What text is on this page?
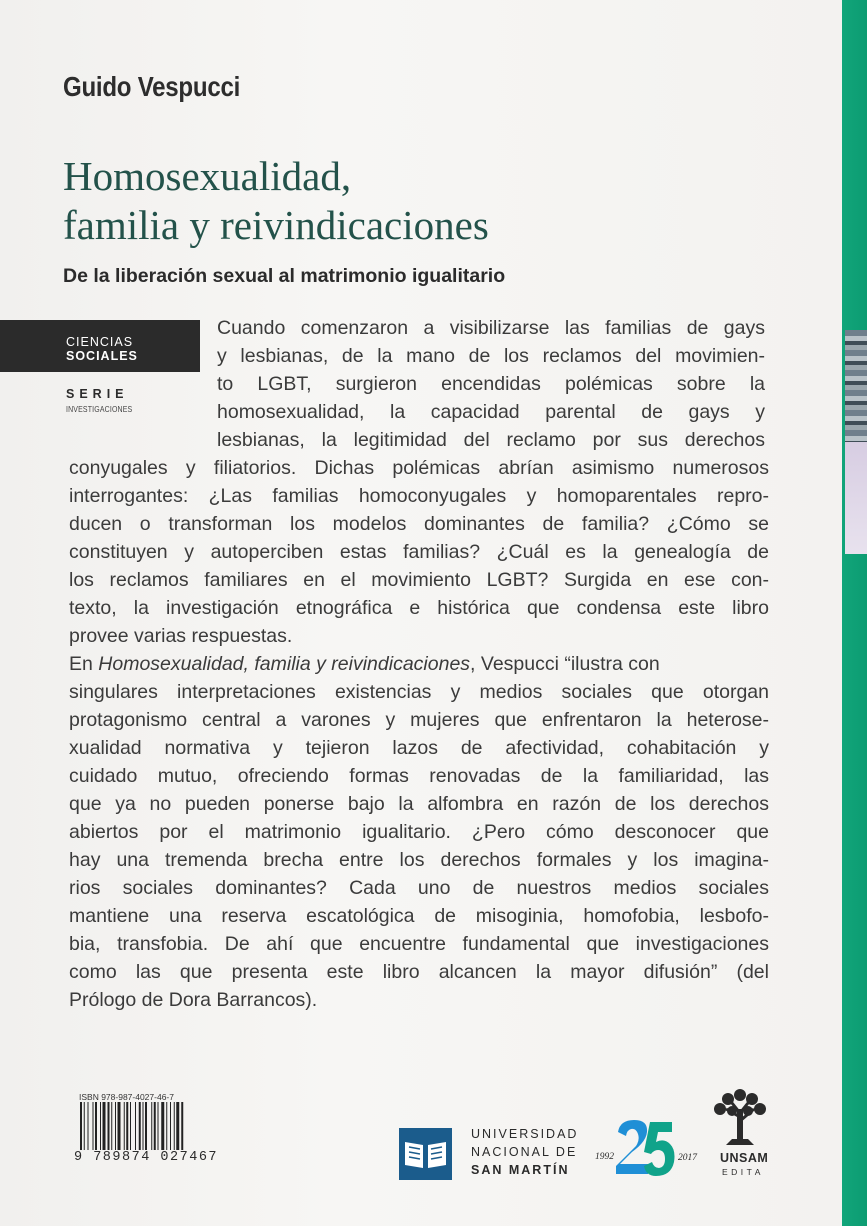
Guido Vespucci
Homosexualidad,
familia y reivindicaciones
De la liberación sexual al matrimonio igualitario
CIENCIAS
SOCIALES
SERIE
INVESTIGACIONES
Cuando comenzaron a visibilizarse las familias de gays
y lesbianas, de la mano de los reclamos del movimien-
to LGBT, surgieron encendidas polémicas sobre la
homosexualidad, la capacidad parental de gays y
lesbianas, la legitimidad del reclamo por sus derechos
conyugales y filiatorios. Dichas polémicas abrían asimismo numerosos
interrogantes: ¿Las familias homoconyugales y homoparentales repro-
ducen o transforman los modelos dominantes de familia? ¿Cómo se
constituyen y autoperciben estas familias? ¿Cuál es la genealogía de
los reclamos familiares en el movimiento LGBT? Surgida en ese con-
texto, la investigación etnográfica e histórica que condensa este libro
provee varias respuestas.
En Homosexualidad, familia y reivindicaciones, Vespucci “ilustra con
singulares interpretaciones existencias y medios sociales que otorgan
protagonismo central a varones y mujeres que enfrentaron la heterose-
xualidad normativa y tejieron lazos de afectividad, cohabitación y
cuidado mutuo, ofreciendo formas renovadas de la familiaridad, las
que ya no pueden ponerse bajo la alfombra en razón de los derechos
abiertos por el matrimonio igualitario. ¿Pero cómo desconocer que
hay una tremenda brecha entre los derechos formales y los imagina-
rios sociales dominantes? Cada uno de nuestros medios sociales
mantiene una reserva escatológica de misoginia, homofobia, lesbofo-
bia, transfobia. De ahí que encuentre fundamental que investigaciones
como las que presenta este libro alcancen la mayor difusión” (del
Prólogo de Dora Barrancos).
ISBN 978-987-4027-46-7
9 789874 027467
UNIVERSIDAD
NACIONAL DE
SAN MARTÍN
1992	2017 UNSAM
EDITA
